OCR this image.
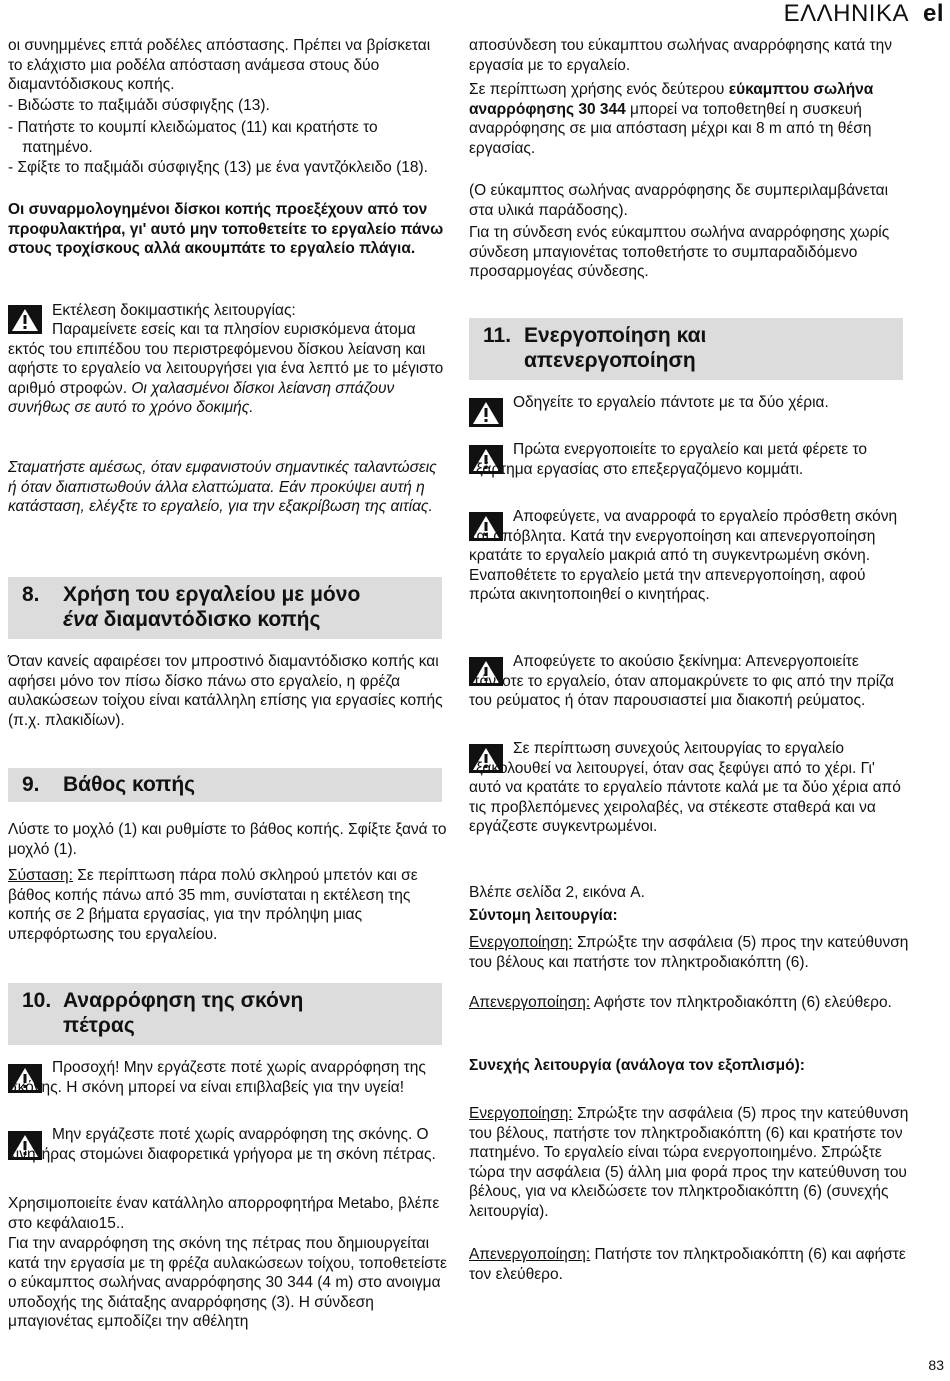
ΕΛΛΗΝΙΚΑ el

οι συνημμένες επτά ροδέλες απόστασης. Πρέπει να βρίσκεται το ελάχιστο μια ροδέλα απόσταση ανάμεσα στους δύο διαμαντόδισκους κοπής.

- Βιδώστε το παξιμάδι σύσφιγξης (13).

- Πατήστε το κουμπί κλειδώματος (11) και κρατήστε το πατημένο.

- Σφίξτε το παξιμάδι σύσφιγξης (13) με ένα γαντζόκλειδο (18).

Οι συναρμολογημένοι δίσκοι κοπής προεξέχουν από τον προφυλακτήρα, γι' αυτό μην τοποθετείτε το εργαλείο πάνω στους τροχίσκους αλλά ακουμπάτε το εργαλείο πλάγια.

Εκτέλεση δοκιμαστικής λειτουργίας:

Παραμείνετε εσείς και τα πλησίον ευρισκόμενα άτομα εκτός του επιπέδου του περιστρεφόμενου δίσκου λείανση και αφήστε το εργαλείο να λειτουργήσει για ένα λεπτό με το μέγιστο αριθμό στροφών. Οι χαλασμένοι δίσκοι λείανση σπάζουν συνήθως σε αυτό το χρόνο δοκιμής.

Σταματήστε αμέσως, όταν εμφανιστούν σημαντικές ταλαντώσεις ή όταν διαπιστωθούν άλλα ελαττώματα. Εάν προκύψει αυτή η κατάσταση, ελέγξτε το εργαλείο, για την εξακρίβωση της αιτίας.

8.	Χρήση του εργαλείου με μόνο
ένα διαμαντόδισκο κοπής

Όταν κανείς αφαιρέσει τον μπροστινό διαμαντόδισκο κοπής και αφήσει μόνο τον πίσω δίσκο πάνω στο εργαλείο, η φρέζα αυλακώσεων τοίχου είναι κατάλληλη επίσης για εργασίες κοπής (π.χ. πλακιδίων).

9.	Βάθος κοπής

Λύστε το μοχλό (1) και ρυθμίστε το βάθος κοπής. Σφίξτε ξανά το μοχλό (1).

Σύσταση: Σε περίπτωση πάρα πολύ σκληρού μπετόν και σε βάθος κοπής πάνω από 35 mm, συνίσταται η εκτέλεση της κοπής σε 2 βήματα εργασίας, για την πρόληψη μιας υπερφόρτωσης του εργαλείου.

10. Αναρρόφηση της σκόνη πέτρας

Προσοχή! Μην εργάζεστε ποτέ χωρίς αναρρόφηση της σκόνης. Η σκόνη μπορεί να είναι επιβλαβείς για την υγεία!

Μην εργάζεστε ποτέ χωρίς αναρρόφηση της σκόνης. Ο κινητήρας στομώνει διαφορετικά γρήγορα με τη σκόνη πέτρας.

Χρησιμοποιείτε έναν κατάλληλο απορροφητήρα Metabo, βλέπε στο κεφάλαιο15..

Για την αναρρόφηση της σκόνη της πέτρας που δημιουργείται κατά την εργασία με τη φρέζα αυλακώσεων τοίχου, τοποθετείστε ο εύκαμπτος σωλήνας αναρρόφησης 30 344 (4 m) στο ανοιγμα υποδοχής της διάταξης αναρρόφησης (3). Η σύνδεση μπαγιονέτας εμποδίζει την αθέλητη

αποσύνδεση του εύκαμπτου σωλήνας αναρρόφησης κατά την εργασία με το εργαλείο.

Σε περίπτωση χρήσης ενός δεύτερου εύκαμπτου σωλήνα αναρρόφησης 30 344 μπορεί να τοποθετηθεί η συσκευή αναρρόφησης σε μια απόσταση μέχρι και 8 m από τη θέση εργασίας.

(Ο εύκαμπτος σωλήνας αναρρόφησης δε συμπεριλαμβάνεται στα υλικά παράδοσης).

Για τη σύνδεση ενός εύκαμπτου σωλήνα αναρρόφησης χωρίς σύνδεση μπαγιονέτας τοποθετήστε το συμπαραδιδόμενο προσαρμογέας σύνδεσης.

11. Ενεργοποίηση και απενεργοποίηση

Οδηγείτε το εργαλείο πάντοτε με τα δύο χέρια.

Πρώτα ενεργοποιείτε το εργαλείο και μετά φέρετε το εξάρτημα εργασίας στο επεξεργαζόμενο κομμάτι.

Αποφεύγετε, να αναρροφά το εργαλείο πρόσθετη σκόνη και απόβλητα. Κατά την ενεργοποίηση και απενεργοποίηση κρατάτε το εργαλείο μακριά από τη συγκεντρωμένη σκόνη. Εναποθέτετε το εργαλείο μετά την απενεργοποίηση, αφού πρώτα ακινητοποιηθεί ο κινητήρας.

Αποφεύγετε το ακούσιο ξεκίνημα: Απενεργοποιείτε πάντοτε το εργαλείο, όταν απομακρύνετε το φις από την πρίζα του ρεύματος ή όταν παρουσιαστεί μια διακοπή ρεύματος.

Σε περίπτωση συνεχούς λειτουργίας το εργαλείο εξακολουθεί να λειτουργεί, όταν σας ξεφύγει από το χέρι. Γι' αυτό να κρατάτε το εργαλείο πάντοτε καλά με τα δύο χέρια από τις προβλεπόμενες χειρολαβές, να στέκεστε σταθερά και να εργάζεστε συγκεντρωμένοι.

Βλέπε σελίδα 2, εικόνα A.

Σύντομη λειτουργία:

Ενεργοποίηση: Σπρώξτε την ασφάλεια (5) προς την κατεύθυνση του βέλους και πατήστε τον πληκτροδιακόπτη (6).

Απενεργοποίηση: Αφήστε τον πληκτροδιακόπτη (6) ελεύθερο.

Συνεχής λειτουργία (ανάλογα τον εξοπλισμό):

Ενεργοποίηση: Σπρώξτε την ασφάλεια (5) προς την κατεύθυνση του βέλους, πατήστε τον πληκτροδιακόπτη (6) και κρατήστε τον πατημένο. Το εργαλείο είναι τώρα ενεργοποιημένο. Σπρώξτε τώρα την ασφάλεια (5) άλλη μια φορά προς την κατεύθυνση του βέλους, για να κλειδώσετε τον πληκτροδιακόπτη (6) (συνεχής λειτουργία).

Απενεργοποίηση: Πατήστε τον πληκτροδιακόπτη (6) και αφήστε τον ελεύθερο.

83
